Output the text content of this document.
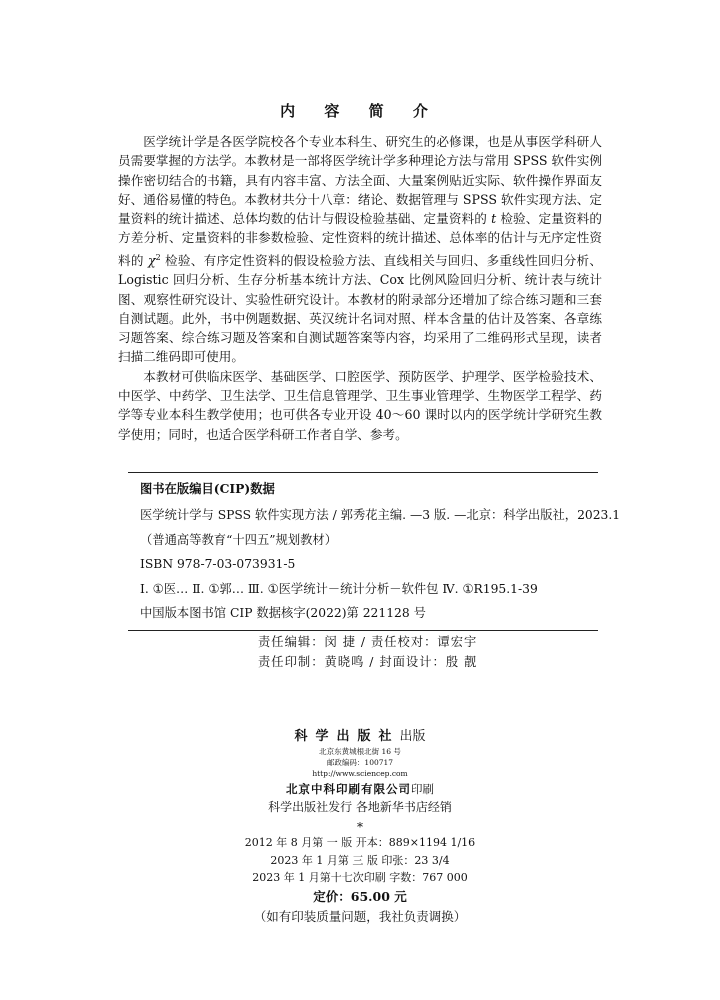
内 容 简 介

医学统计学是各医学院校各个专业本科生、研究生的必修课，也是从事医学科研人员需要掌握的方法学。本教材是一部将医学统计学多种理论方法与常用 SPSS 软件实例操作密切结合的书籍，具有内容丰富、方法全面、大量案例贴近实际、软件操作界面友好、通俗易懂的特色。本教材共分十八章：绪论、数据管理与 SPSS 软件实现方法、定量资料的统计描述、总体均数的估计与假设检验基础、定量资料的 t 检验、定量资料的方差分析、定量资料的非参数检验、定性资料的统计描述、总体率的估计与无序定性资料的 $\chi^2$ 检验、有序定性资料的假设检验方法、直线相关与回归、多重线性回归分析、Logistic 回归分析、生存分析基本统计方法、Cox 比例风险回归分析、统计表与统计图、观察性研究设计、实验性研究设计。本教材的附录部分还增加了综合练习题和三套自测试题。此外，书中例题数据、英汉统计名词对照、样本含量的估计及答案、各章练习题答案、综合练习题及答案和自测试题答案等内容，均采用了二维码形式呈现，读者扫描二维码即可使用。

本教材可供临床医学、基础医学、口腔医学、预防医学、护理学、医学检验技术、中医学、中药学、卫生法学、卫生信息管理学、卫生事业管理学、生物医学工程学、药学等专业本科生教学使用；也可供各专业开设 40～60 课时以内的医学统计学研究生教学使用；同时，也适合医学科研工作者自学、参考。

图书在版编目(CIP)数据
医学统计学与 SPSS 软件实现方法 / 郭秀花主编. —3 版. —北京：科学出版社，2023.1
（普通高等教育“十四五”规划教材）
ISBN 978-7-03-073931-5
Ⅰ. ①医… Ⅱ. ①郭… Ⅲ. ①医学统计－统计分析－软件包 Ⅳ. ①R195.1-39
中国版本图书馆 CIP 数据核字(2022)第 221128 号
责任编辑：闵 捷 / 责任校对：谭宏宇
责任印制：黄晓鸣 / 封面设计：殷 靓
科学出版社出版
北京东黄城根北街 16 号
邮政编码：100717
http://www.sciencep.com
北京中科印刷有限公司印刷
科学出版社发行 各地新华书店经销
*
2012 年 8 月第 一 版 开本：889×1194 1/16
2023 年 1 月第 三 版 印张：23 3/4
2023 年 1 月第十七次印刷 字数：767 000
定价：65.00 元
（如有印装质量问题，我社负责调换）
